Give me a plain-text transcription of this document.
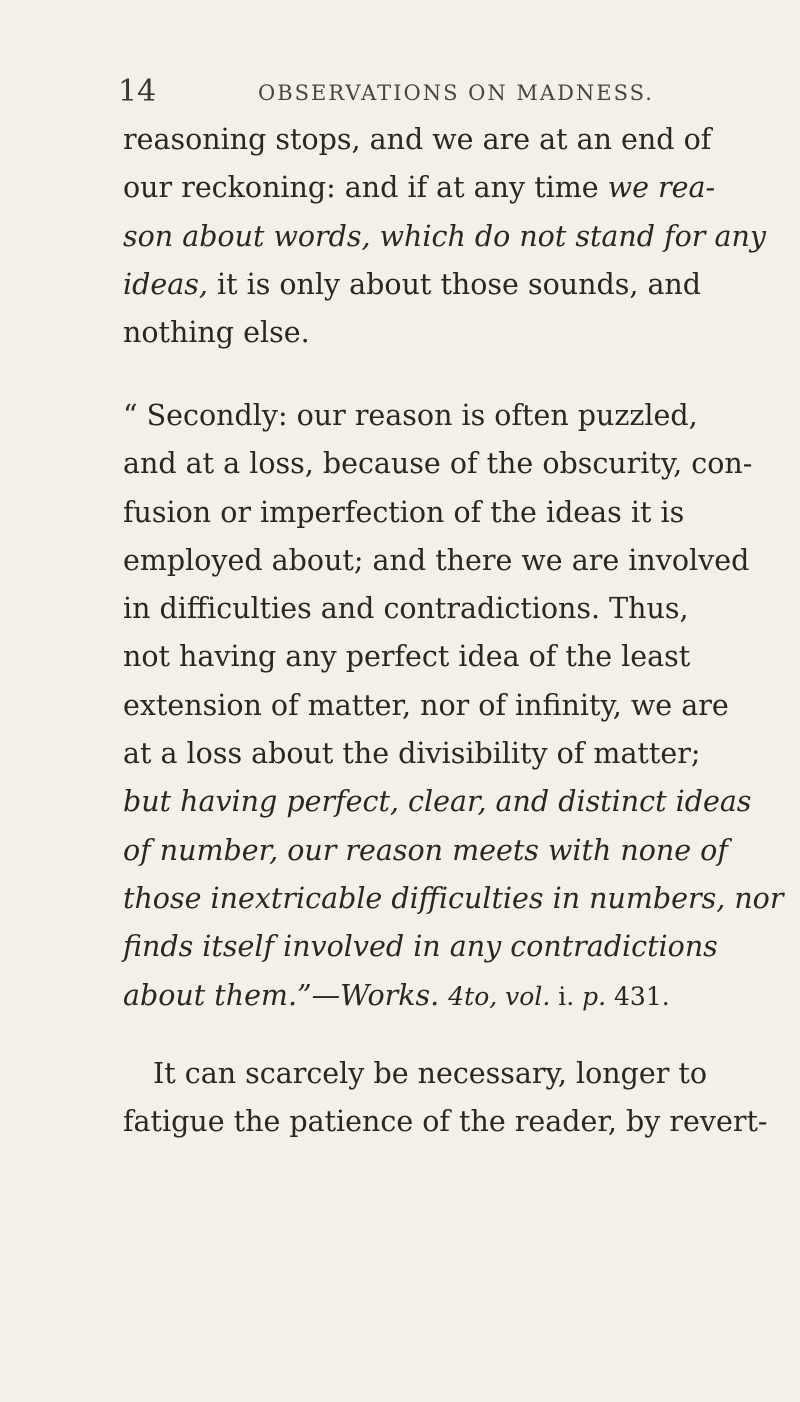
14	OBSERVATIONS ON MADNESS.
reasoning stops, and we are at an end of
our reckoning: and if at any time we rea-
son about words, which do not stand for any
ideas, it is only about those sounds, and
nothing else.
“ Secondly: our reason is often puzzled,
and at a loss, because of the obscurity, con-
fusion or imperfection of the ideas it is
employed about; and there we are involved
in difficulties and contradictions. Thus,
not having any perfect idea of the least
extension of matter, nor of infinity, we are
at a loss about the divisibility of matter;
but having perfect, clear, and distinct ideas
of number, our reason meets with none of
those inextricable difficulties in numbers, nor
finds itself involved in any contradictions
about them.”—Works. 4to, vol. i. p. 431.
It can scarcely be necessary, longer to
fatigue the patience of the reader, by revert-
